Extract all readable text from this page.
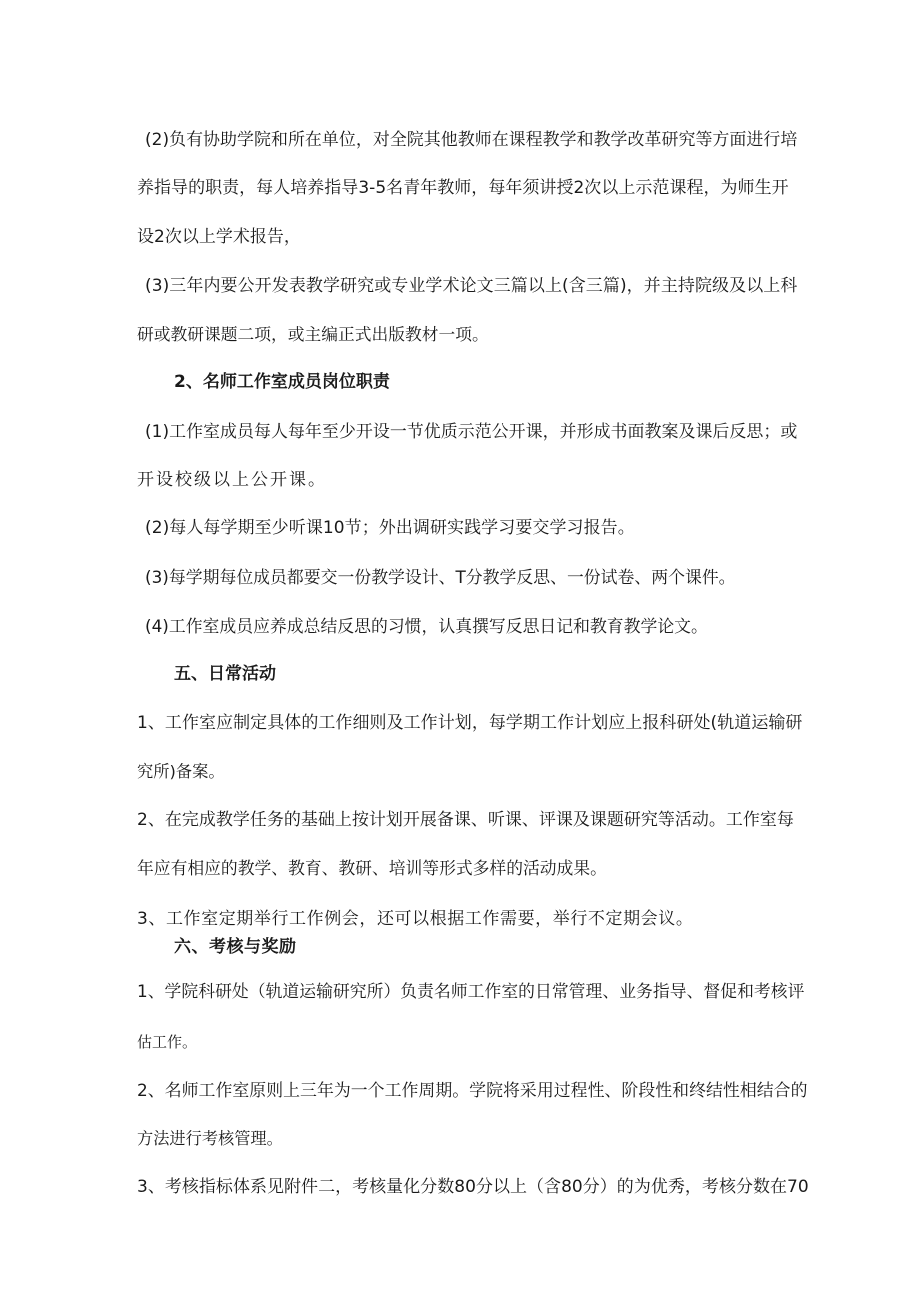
(2)负有协助学院和所在单位，对全院其他教师在课程教学和教学改革研究等方面进行培
养指导的职责，每人培养指导3-5名青年教师，每年须讲授2次以上示范课程，为师生开
设2次以上学术报告，
(3)三年内要公开发表教学研究或专业学术论文三篇以上(含三篇)，并主持院级及以上科
研或教研课题二项，或主编正式出版教材一项。
2、名师工作室成员岗位职责
(1)工作室成员每人每年至少开设一节优质示范公开课，并形成书面教案及课后反思；或
开设校级以上公开课。
(2)每人每学期至少听课10节；外出调研实践学习要交学习报告。
(3)每学期每位成员都要交一份教学设计、T分教学反思、一份试卷、两个课件。
(4)工作室成员应养成总结反思的习惯，认真撰写反思日记和教育教学论文。
五、日常活动
1、工作室应制定具体的工作细则及工作计划，每学期工作计划应上报科研处(轨道运输研
究所)备案。
2、在完成教学任务的基础上按计划开展备课、听课、评课及课题研究等活动。工作室每
年应有相应的教学、教育、教研、培训等形式多样的活动成果。
3、工作室定期举行工作例会，还可以根据工作需要，举行不定期会议。
六、考核与奖励
1、学院科研处（轨道运输研究所）负责名师工作室的日常管理、业务指导、督促和考核评
估工作。
2、名师工作室原则上三年为一个工作周期。学院将采用过程性、阶段性和终结性相结合的
方法进行考核管理。
3、考核指标体系见附件二，考核量化分数80分以上（含80分）的为优秀，考核分数在70
